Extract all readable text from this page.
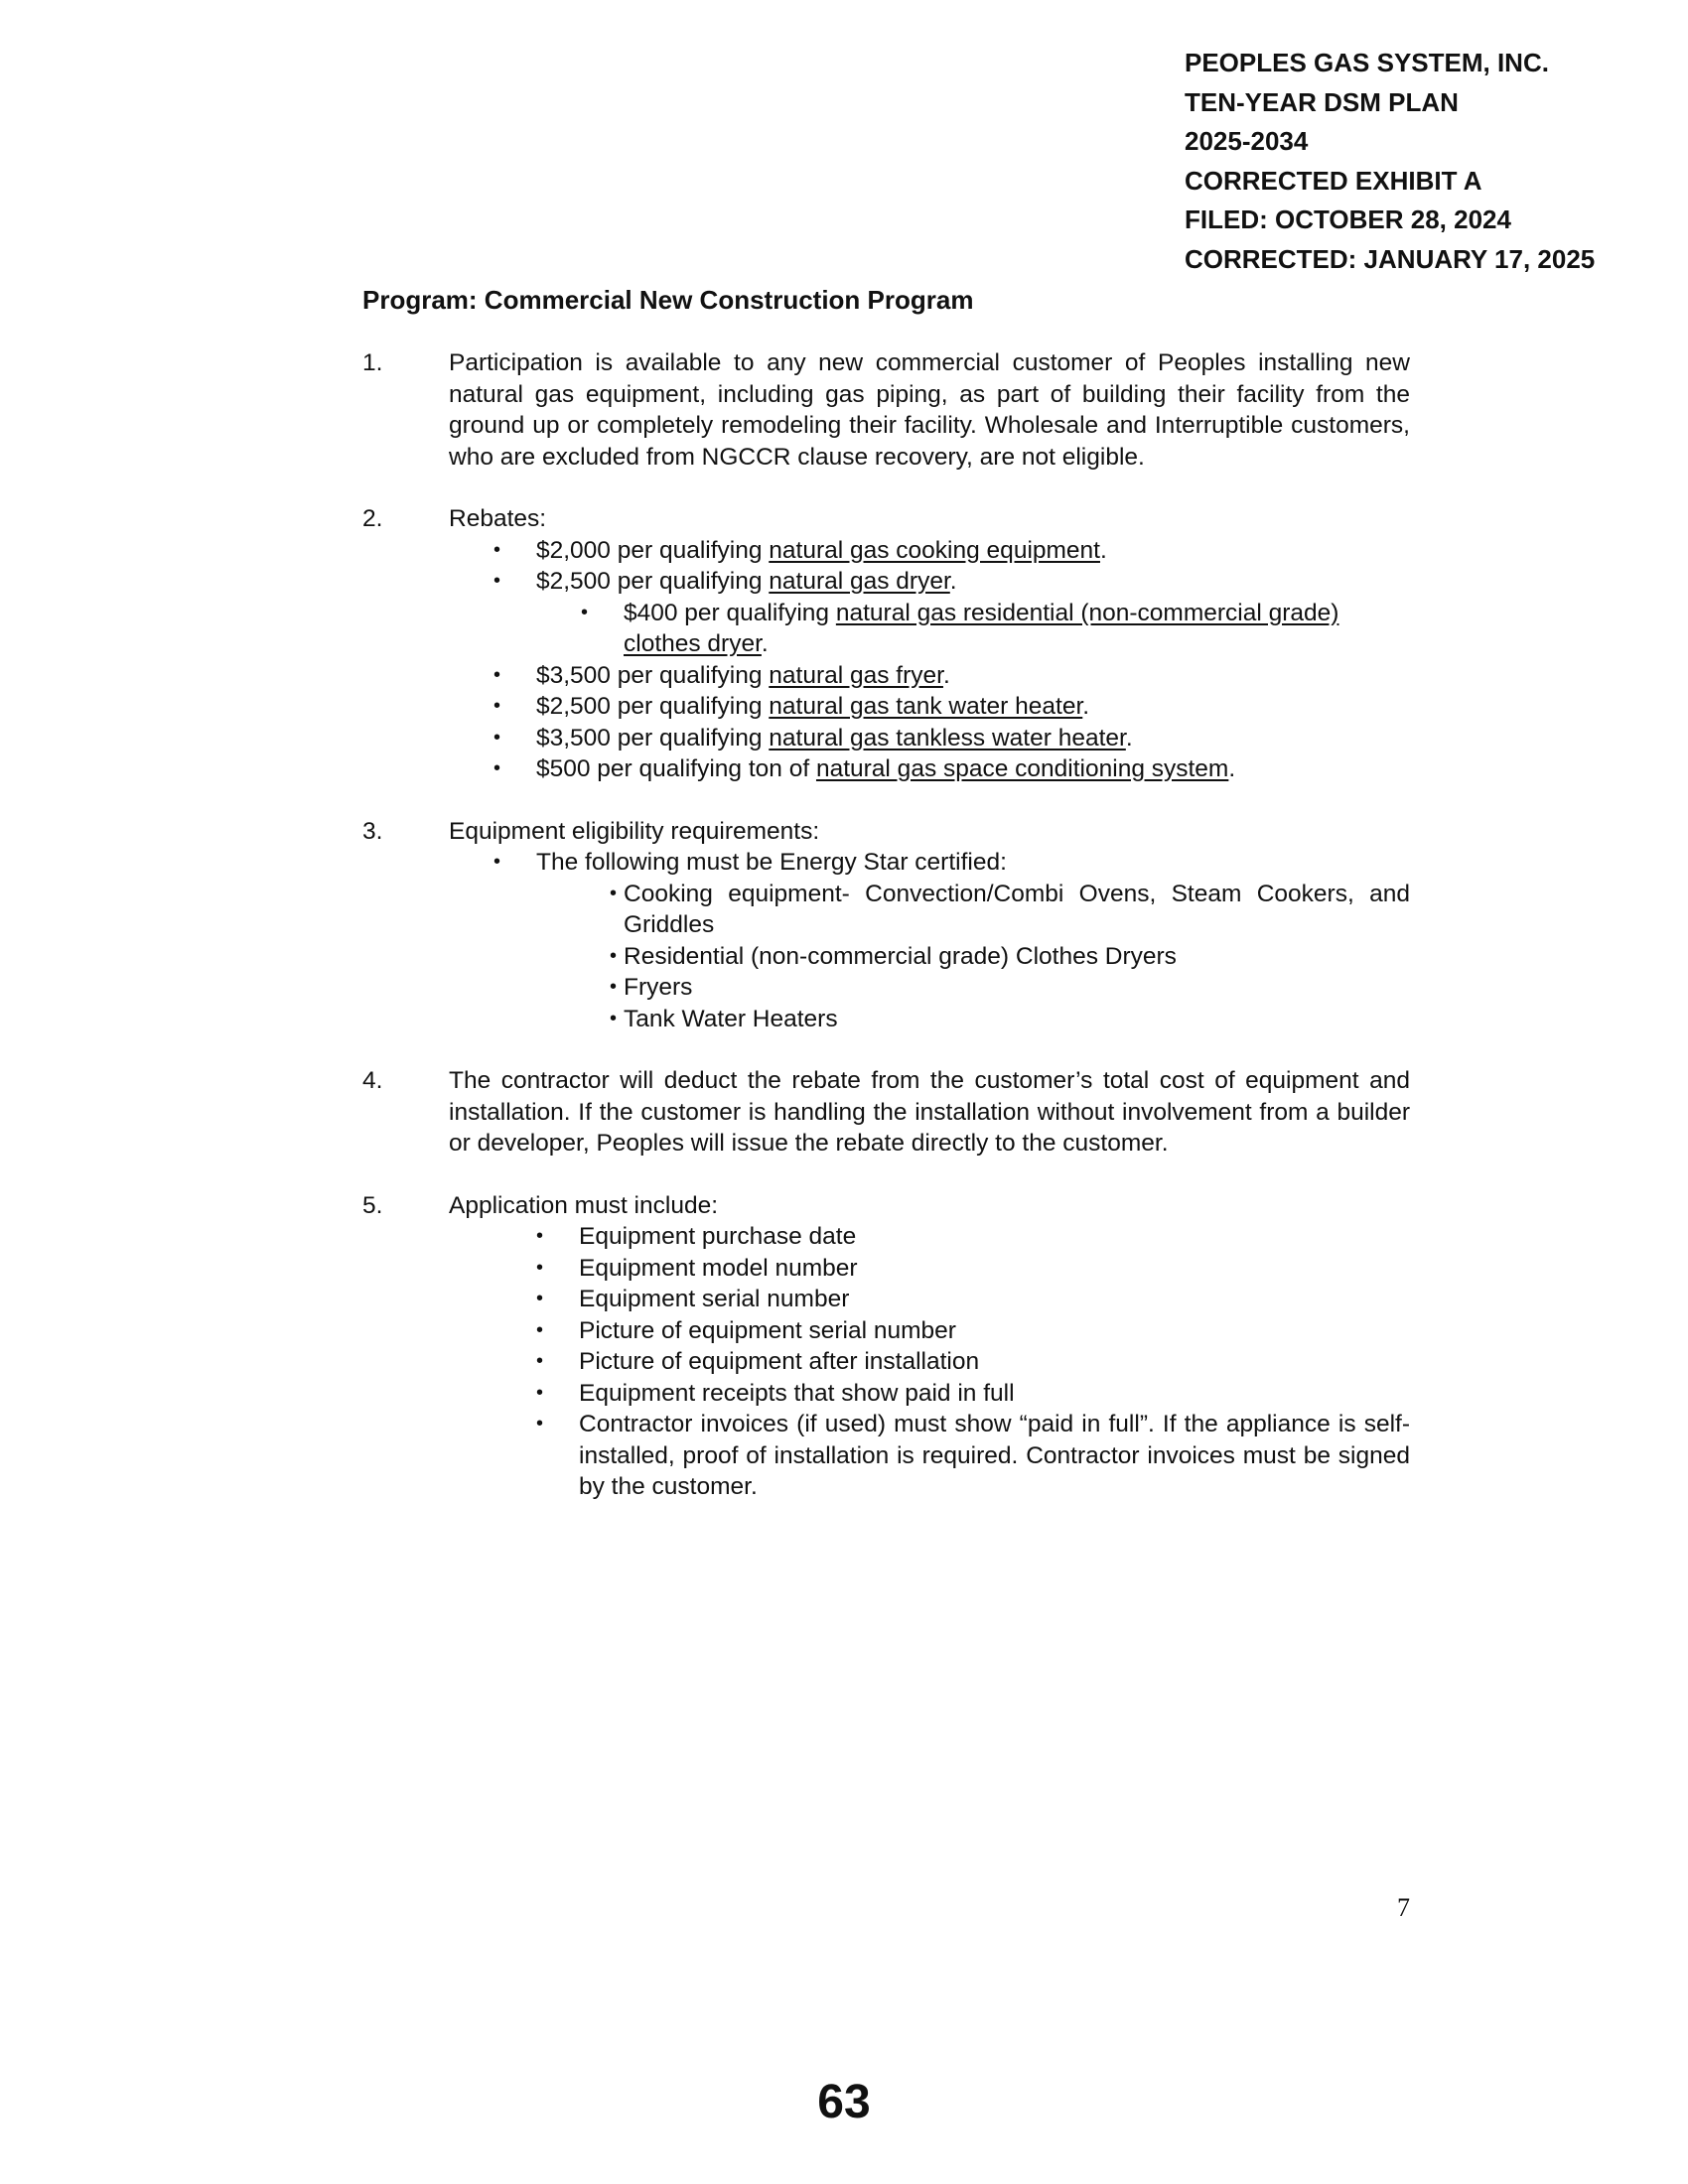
PEOPLES GAS SYSTEM, INC.
TEN-YEAR DSM PLAN
2025-2034
CORRECTED EXHIBIT A
FILED: OCTOBER 28, 2024
CORRECTED: JANUARY 17, 2025
Program: Commercial New Construction Program
1.	Participation is available to any new commercial customer of Peoples installing new natural gas equipment, including gas piping, as part of building their facility from the ground up or completely remodeling their facility. Wholesale and Interruptible customers, who are excluded from NGCCR clause recovery, are not eligible.
2.	Rebates:
• $2,000 per qualifying natural gas cooking equipment.
• $2,500 per qualifying natural gas dryer.
• $400 per qualifying natural gas residential (non-commercial grade) clothes dryer.
• $3,500 per qualifying natural gas fryer.
• $2,500 per qualifying natural gas tank water heater.
• $3,500 per qualifying natural gas tankless water heater.
• $500 per qualifying ton of natural gas space conditioning system.
3.	Equipment eligibility requirements:
• The following must be Energy Star certified:
• Cooking equipment- Convection/Combi Ovens, Steam Cookers, and Griddles
• Residential (non-commercial grade) Clothes Dryers
• Fryers
• Tank Water Heaters
4.	The contractor will deduct the rebate from the customer’s total cost of equipment and installation. If the customer is handling the installation without involvement from a builder or developer, Peoples will issue the rebate directly to the customer.
5.	Application must include:
• Equipment purchase date
• Equipment model number
• Equipment serial number
• Picture of equipment serial number
• Picture of equipment after installation
• Equipment receipts that show paid in full
• Contractor invoices (if used) must show “paid in full”. If the appliance is self-installed, proof of installation is required. Contractor invoices must be signed by the customer.
7
63
